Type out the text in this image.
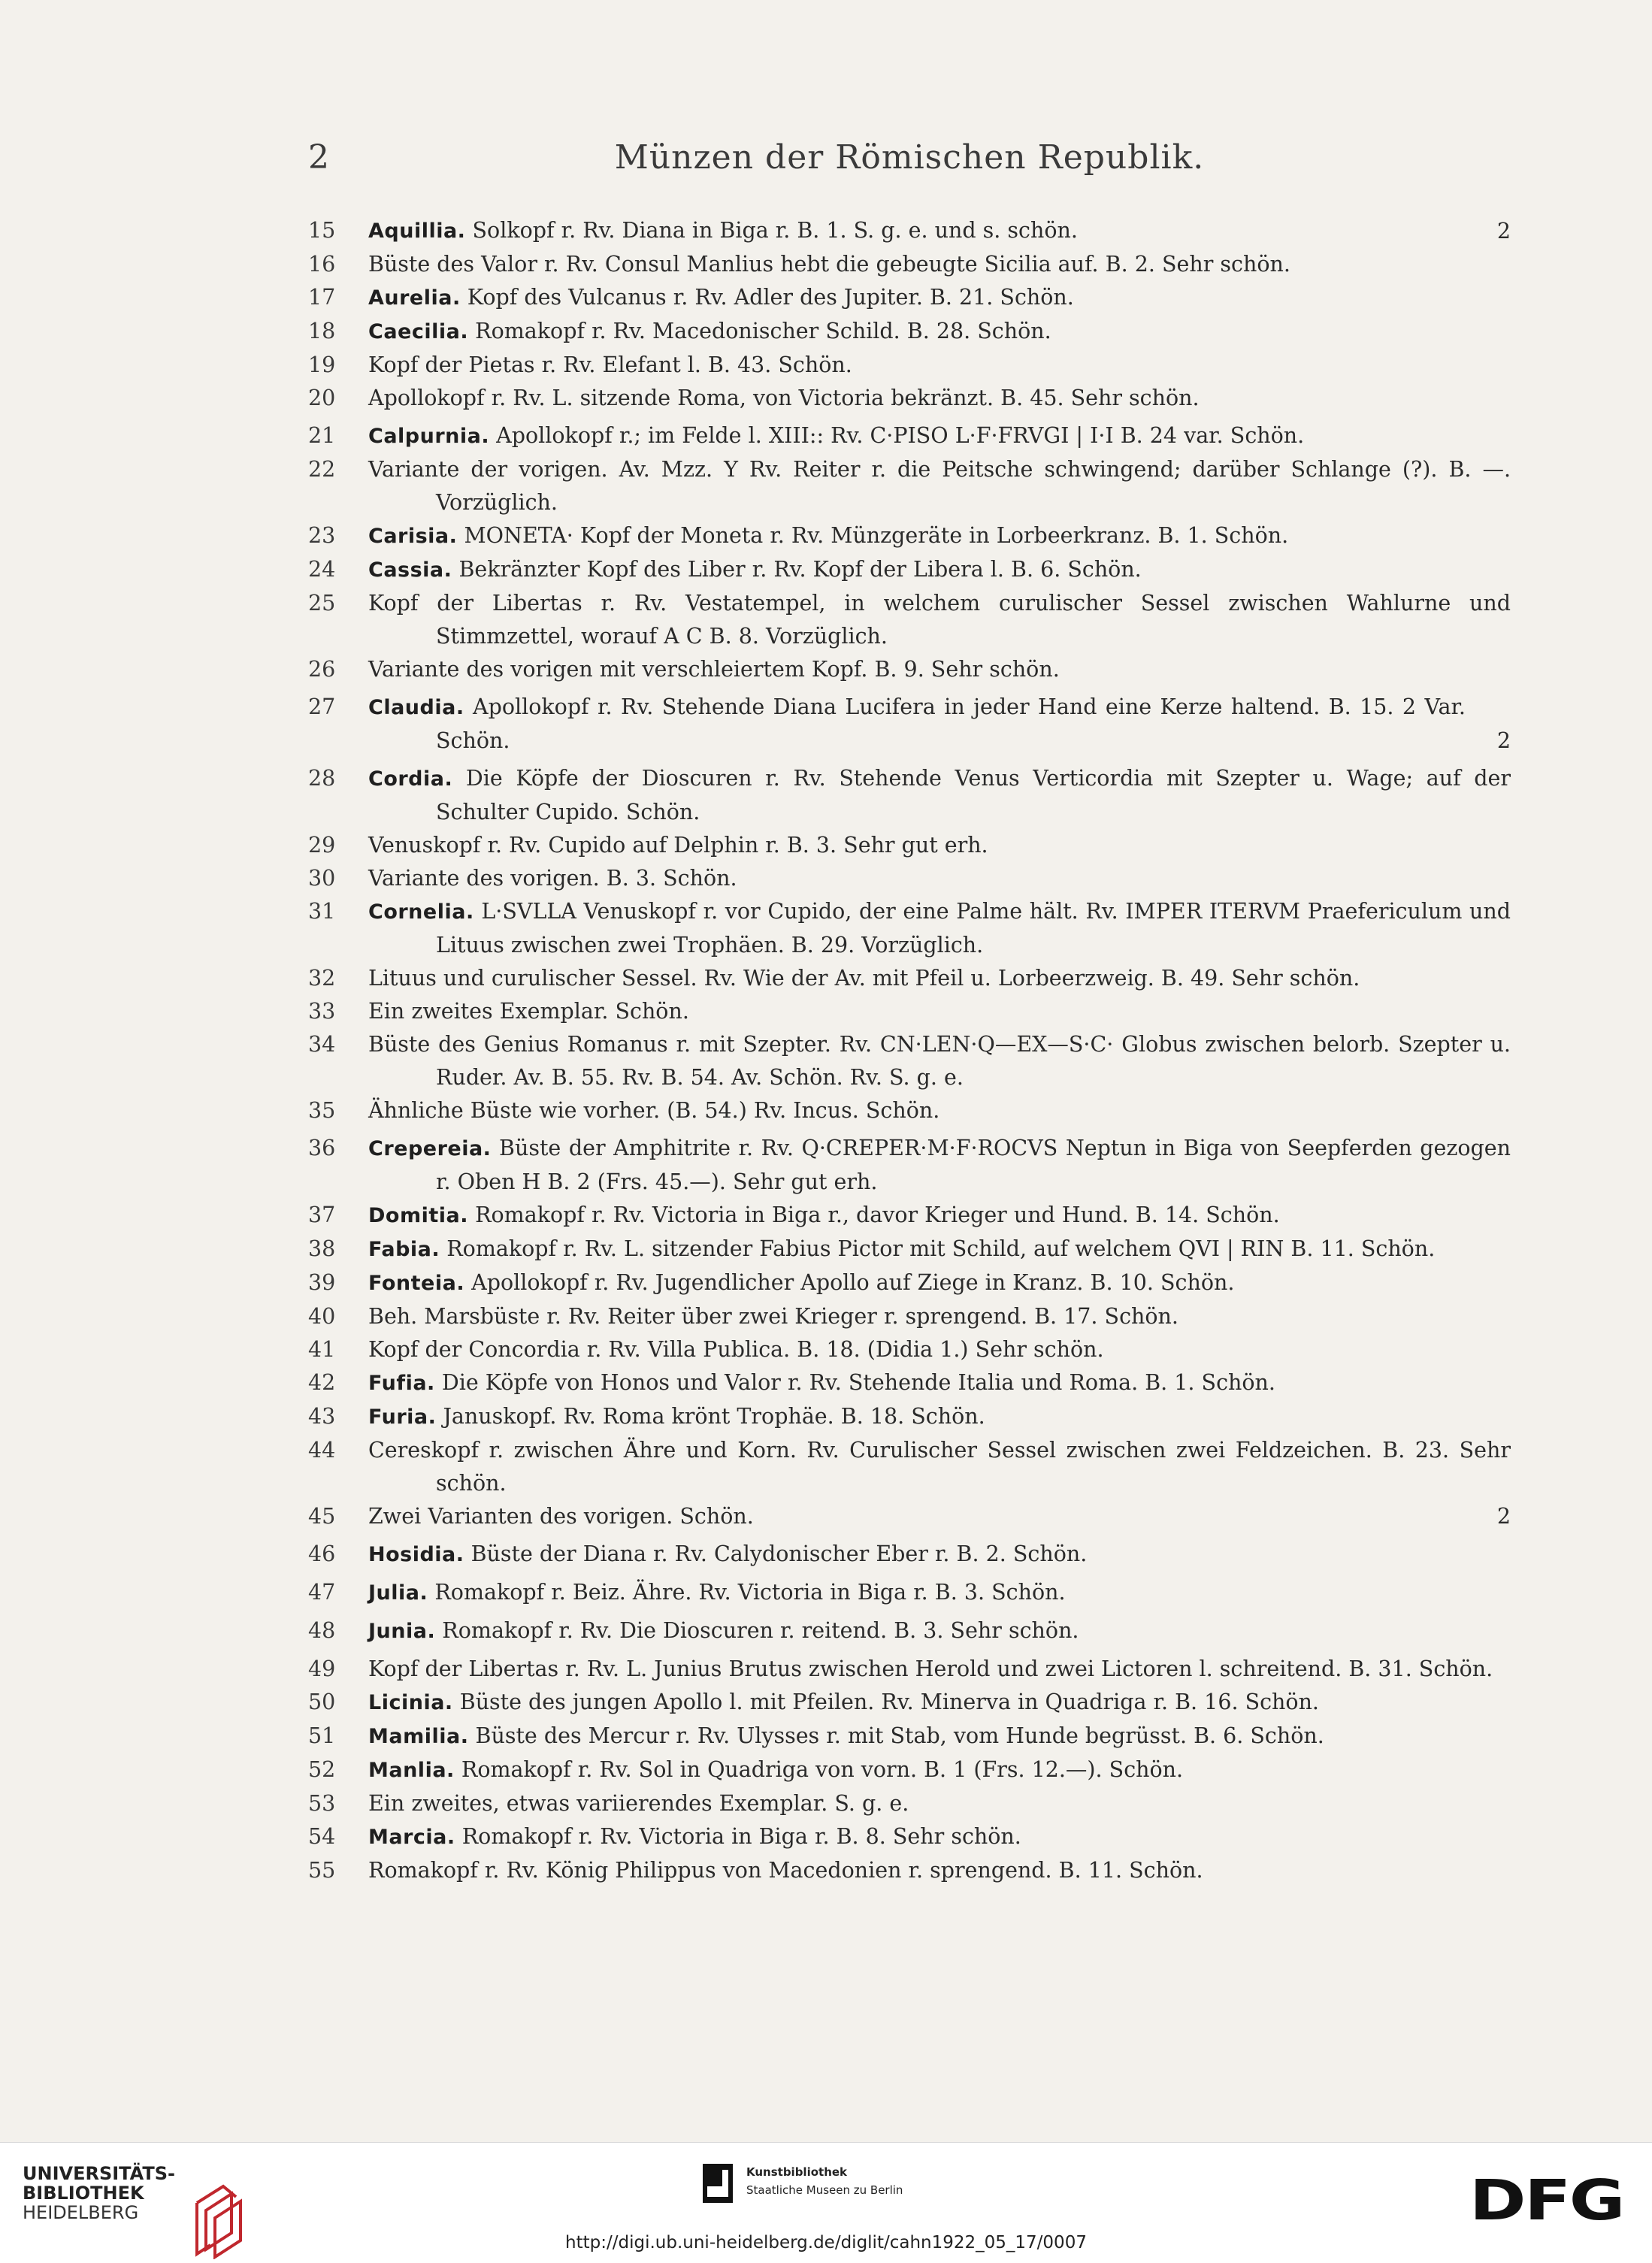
2	Münzen der Römischen Republik.
15	Aquillia. Solkopf r. Rv. Diana in Biga r. B. 1. S. g. e. und s. schön.	2
16	Büste des Valor r. Rv. Consul Manlius hebt die gebeugte Sicilia auf. B. 2. Sehr schön.
17	Aurelia. Kopf des Vulcanus r. Rv. Adler des Jupiter. B. 21. Schön.
18	Caecilia. Romakopf r. Rv. Macedonischer Schild. B. 28. Schön.
19	Kopf der Pietas r. Rv. Elefant l. B. 43. Schön.
20	Apollokopf r. Rv. L. sitzende Roma, von Victoria bekränzt. B. 45. Sehr schön.
21	Calpurnia. Apollokopf r.; im Felde l. XIII:: Rv. C·PISO L·F·FRVGI | I·I B. 24 var. Schön.
22	Variante der vorigen. Av. Mzz. Y Rv. Reiter r. die Peitsche schwingend; darüber Schlange (?). B. —. Vorzüglich.
23	Carisia. MONETA· Kopf der Moneta r. Rv. Münzgeräte in Lorbeerkranz. B. 1. Schön.
24	Cassia. Bekränzter Kopf des Liber r. Rv. Kopf der Libera l. B. 6. Schön.
25	Kopf der Libertas r. Rv. Vestatempel, in welchem curulischer Sessel zwischen Wahlurne und Stimmzettel, worauf A C B. 8. Vorzüglich.
26	Variante des vorigen mit verschleiertem Kopf. B. 9. Sehr schön.
27	Claudia. Apollokopf r. Rv. Stehende Diana Lucifera in jeder Hand eine Kerze haltend. B. 15. 2 Var. Schön.	2
28	Cordia. Die Köpfe der Dioscuren r. Rv. Stehende Venus Verticordia mit Szepter u. Wage; auf der Schulter Cupido. Schön.
29	Venuskopf r. Rv. Cupido auf Delphin r. B. 3. Sehr gut erh.
30	Variante des vorigen. B. 3. Schön.
31	Cornelia. L·SVLLA Venuskopf r. vor Cupido, der eine Palme hält. Rv. IMPER ITERVM Praefericulum und Lituus zwischen zwei Trophäen. B. 29. Vorzüglich.
32	Lituus und curulischer Sessel. Rv. Wie der Av. mit Pfeil u. Lorbeerzweig. B. 49. Sehr schön.
33	Ein zweites Exemplar. Schön.
34	Büste des Genius Romanus r. mit Szepter. Rv. CN·LEN·Q—EX—S·C· Globus zwischen belorb. Szepter u. Ruder. Av. B. 55. Rv. B. 54. Av. Schön. Rv. S. g. e.
35	Ähnliche Büste wie vorher. (B. 54.) Rv. Incus. Schön.
36	Crepereia. Büste der Amphitrite r. Rv. Q·CREPER·M·F·ROCVS Neptun in Biga von Seepferden gezogen r. Oben H B. 2 (Frs. 45.—). Sehr gut erh.
37	Domitia. Romakopf r. Rv. Victoria in Biga r., davor Krieger und Hund. B. 14. Schön.
38	Fabia. Romakopf r. Rv. L. sitzender Fabius Pictor mit Schild, auf welchem QVI | RIN B. 11. Schön.
39	Fonteia. Apollokopf r. Rv. Jugendlicher Apollo auf Ziege in Kranz. B. 10. Schön.
40	Beh. Marsbüste r. Rv. Reiter über zwei Krieger r. sprengend. B. 17. Schön.
41	Kopf der Concordia r. Rv. Villa Publica. B. 18. (Didia 1.) Sehr schön.
42	Fufia. Die Köpfe von Honos und Valor r. Rv. Stehende Italia und Roma. B. 1. Schön.
43	Furia. Januskopf. Rv. Roma krönt Trophäe. B. 18. Schön.
44	Cereskopf r. zwischen Ähre und Korn. Rv. Curulischer Sessel zwischen zwei Feldzeichen. B. 23. Sehr schön.
45	Zwei Varianten des vorigen. Schön.	2
46	Hosidia. Büste der Diana r. Rv. Calydonischer Eber r. B. 2. Schön.
47	Julia. Romakopf r. Beiz. Ähre. Rv. Victoria in Biga r. B. 3. Schön.
48	Junia. Romakopf r. Rv. Die Dioscuren r. reitend. B. 3. Sehr schön.
49	Kopf der Libertas r. Rv. L. Junius Brutus zwischen Herold und zwei Lictoren l. schreitend. B. 31. Schön.
50	Licinia. Büste des jungen Apollo l. mit Pfeilen. Rv. Minerva in Quadriga r. B. 16. Schön.
51	Mamilia. Büste des Mercur r. Rv. Ulysses r. mit Stab, vom Hunde begrüsst. B. 6. Schön.
52	Manlia. Romakopf r. Rv. Sol in Quadriga von vorn. B. 1 (Frs. 12.—). Schön.
53	Ein zweites, etwas variierendes Exemplar. S. g. e.
54	Marcia. Romakopf r. Rv. Victoria in Biga r. B. 8. Sehr schön.
55	Romakopf r. Rv. König Philippus von Macedonien r. sprengend. B. 11. Schön.
UNIVERSITÄTS-
BIBLIOTHEK
HEIDELBERG
Kunstbibliothek
Staatliche Museen zu Berlin	DFG
http://digi.ub.uni-heidelberg.de/diglit/cahn1922_05_17/0007
